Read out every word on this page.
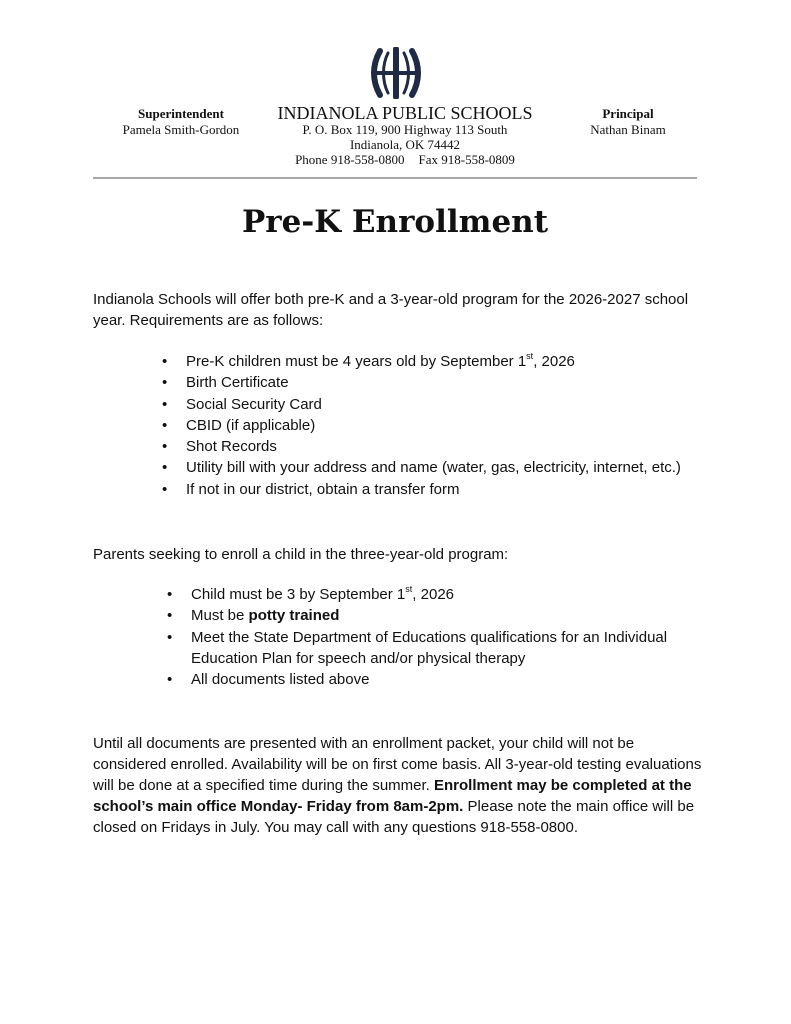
Superintendent
Pamela Smith-Gordon
INDIANOLA PUBLIC SCHOOLS
P. O. Box 119, 900 Highway 113 South
Indianola, OK 74442
Phone 918-558-0800 Fax 918-558-0809
Principal
Nathan Binam
Pre-K Enrollment
Indianola Schools will offer both pre-K and a 3-year-old program for the 2026-2027 school year. Requirements are as follows:
• Pre-K children must be 4 years old by September 1st, 2026
• Birth Certificate
• Social Security Card
• CBID (if applicable)
• Shot Records
• Utility bill with your address and name (water, gas, electricity, internet, etc.)
• If not in our district, obtain a transfer form
Parents seeking to enroll a child in the three-year-old program:
• Child must be 3 by September 1st, 2026
• Must be potty trained
• Meet the State Department of Educations qualifications for an Individual Education Plan for speech and/or physical therapy
• All documents listed above
Until all documents are presented with an enrollment packet, your child will not be considered enrolled. Availability will be on first come basis. All 3-year-old testing evaluations will be done at a specified time during the summer. Enrollment may be completed at the school’s main office Monday- Friday from 8am-2pm. Please note the main office will be closed on Fridays in July. You may call with any questions 918-558-0800.
